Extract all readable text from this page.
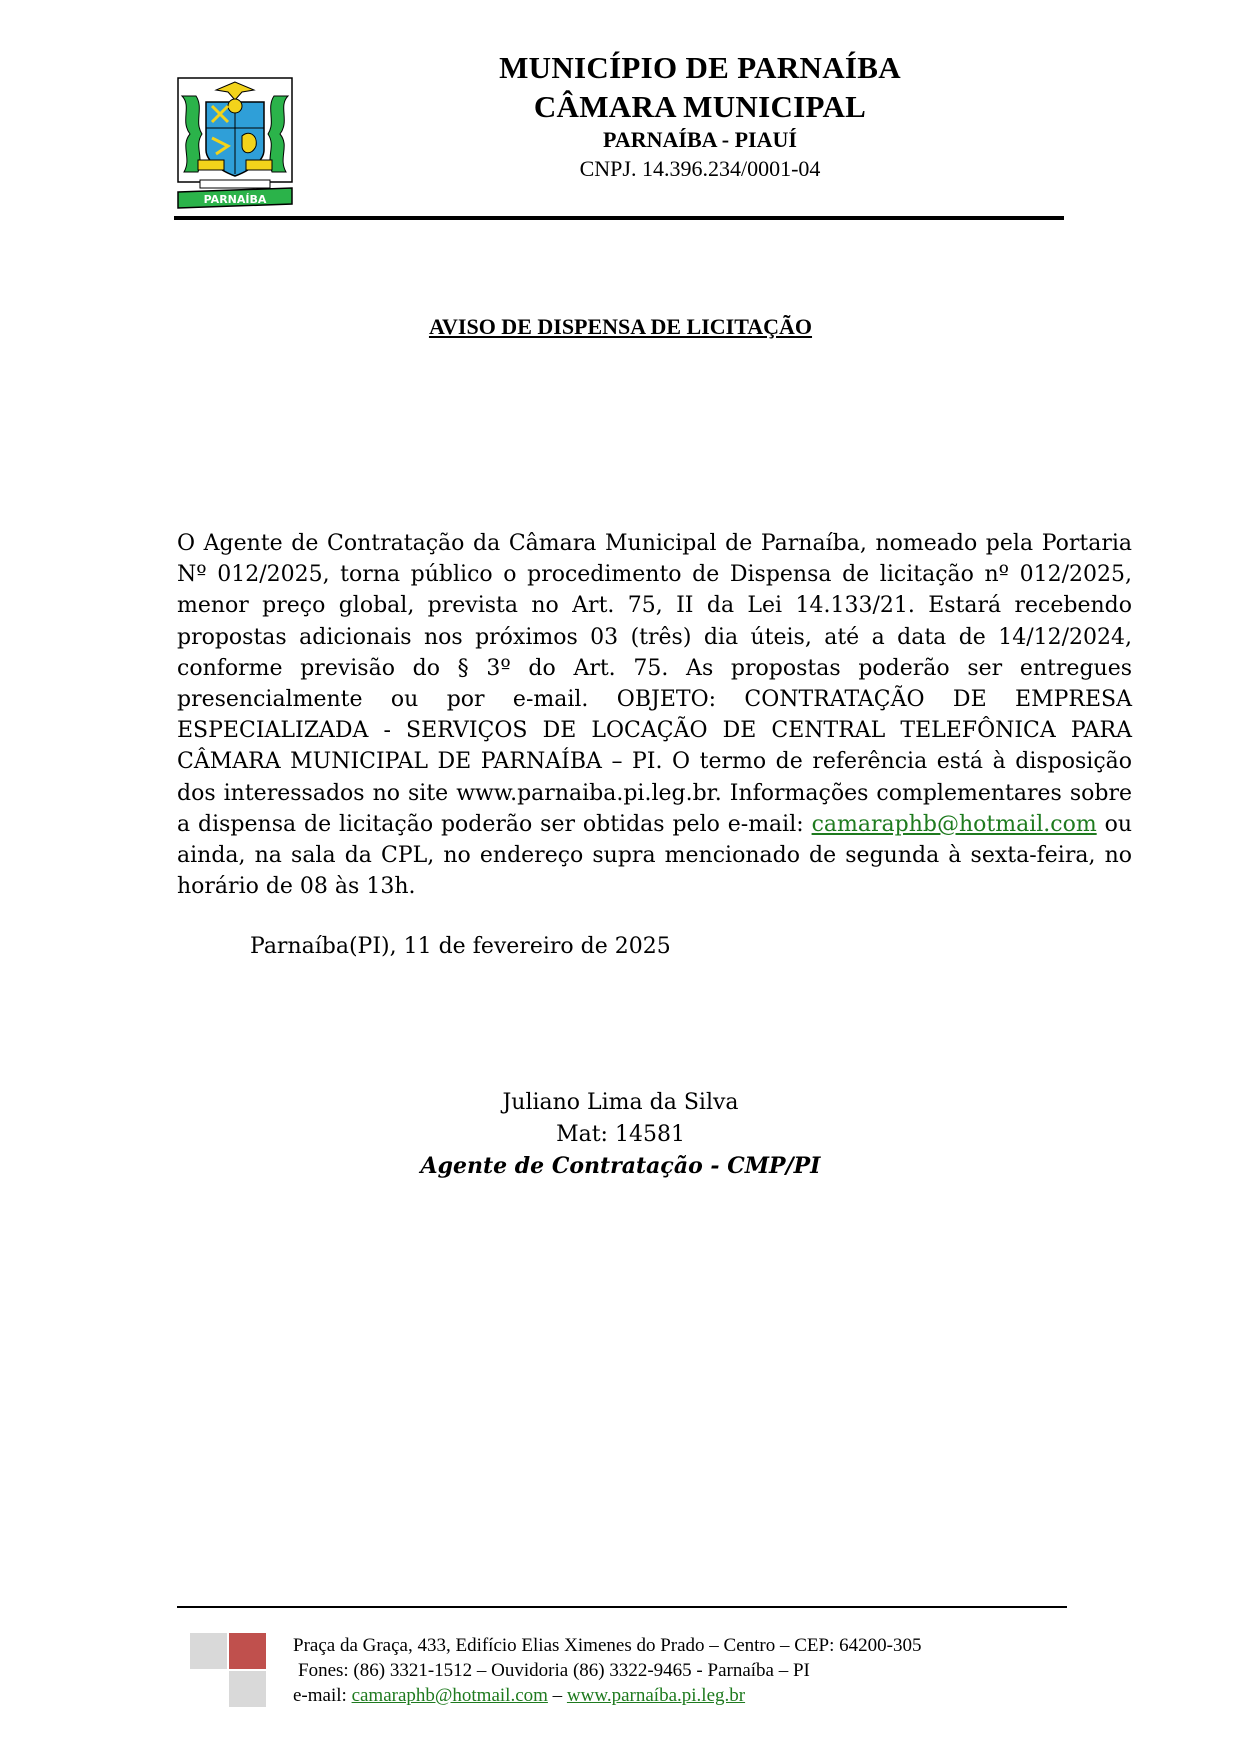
PARNAÍBA
MUNICÍPIO DE PARNAÍBA
CÂMARA MUNICIPAL
PARNAÍBA - PIAUÍ
CNPJ. 14.396.234/0001-04
AVISO DE DISPENSA DE LICITAÇÃO
O Agente de Contratação da Câmara Municipal de Parnaíba, nomeado pela Portaria Nº 012/2025, torna público o procedimento de Dispensa de licitação nº 012/2025, menor preço global, prevista no Art. 75, II da Lei 14.133/21. Estará recebendo propostas adicionais nos próximos 03 (três) dia úteis, até a data de 14/12/2024, conforme previsão do § 3º do Art. 75. As propostas poderão ser entregues presencialmente ou por e-mail. OBJETO: CONTRATAÇÃO DE EMPRESA ESPECIALIZADA - SERVIÇOS DE LOCAÇÃO DE CENTRAL TELEFÔNICA PARA CÂMARA MUNICIPAL DE PARNAÍBA – PI. O termo de referência está à disposição dos interessados no site www.parnaiba.pi.leg.br. Informações complementares sobre a dispensa de licitação poderão ser obtidas pelo e-mail: camaraphb@hotmail.com ou ainda, na sala da CPL, no endereço supra mencionado de segunda à sexta-feira, no horário de 08 às 13h.
Parnaíba(PI), 11 de fevereiro de 2025
Juliano Lima da Silva
Mat: 14581
Agente de Contratação - CMP/PI
Praça da Graça, 433, Edifício Elias Ximenes do Prado – Centro – CEP: 64200-305
Fones: (86) 3321-1512 – Ouvidoria (86) 3322-9465 - Parnaíba – PI
e-mail: camaraphb@hotmail.com – www.parnaíba.pi.leg.br
